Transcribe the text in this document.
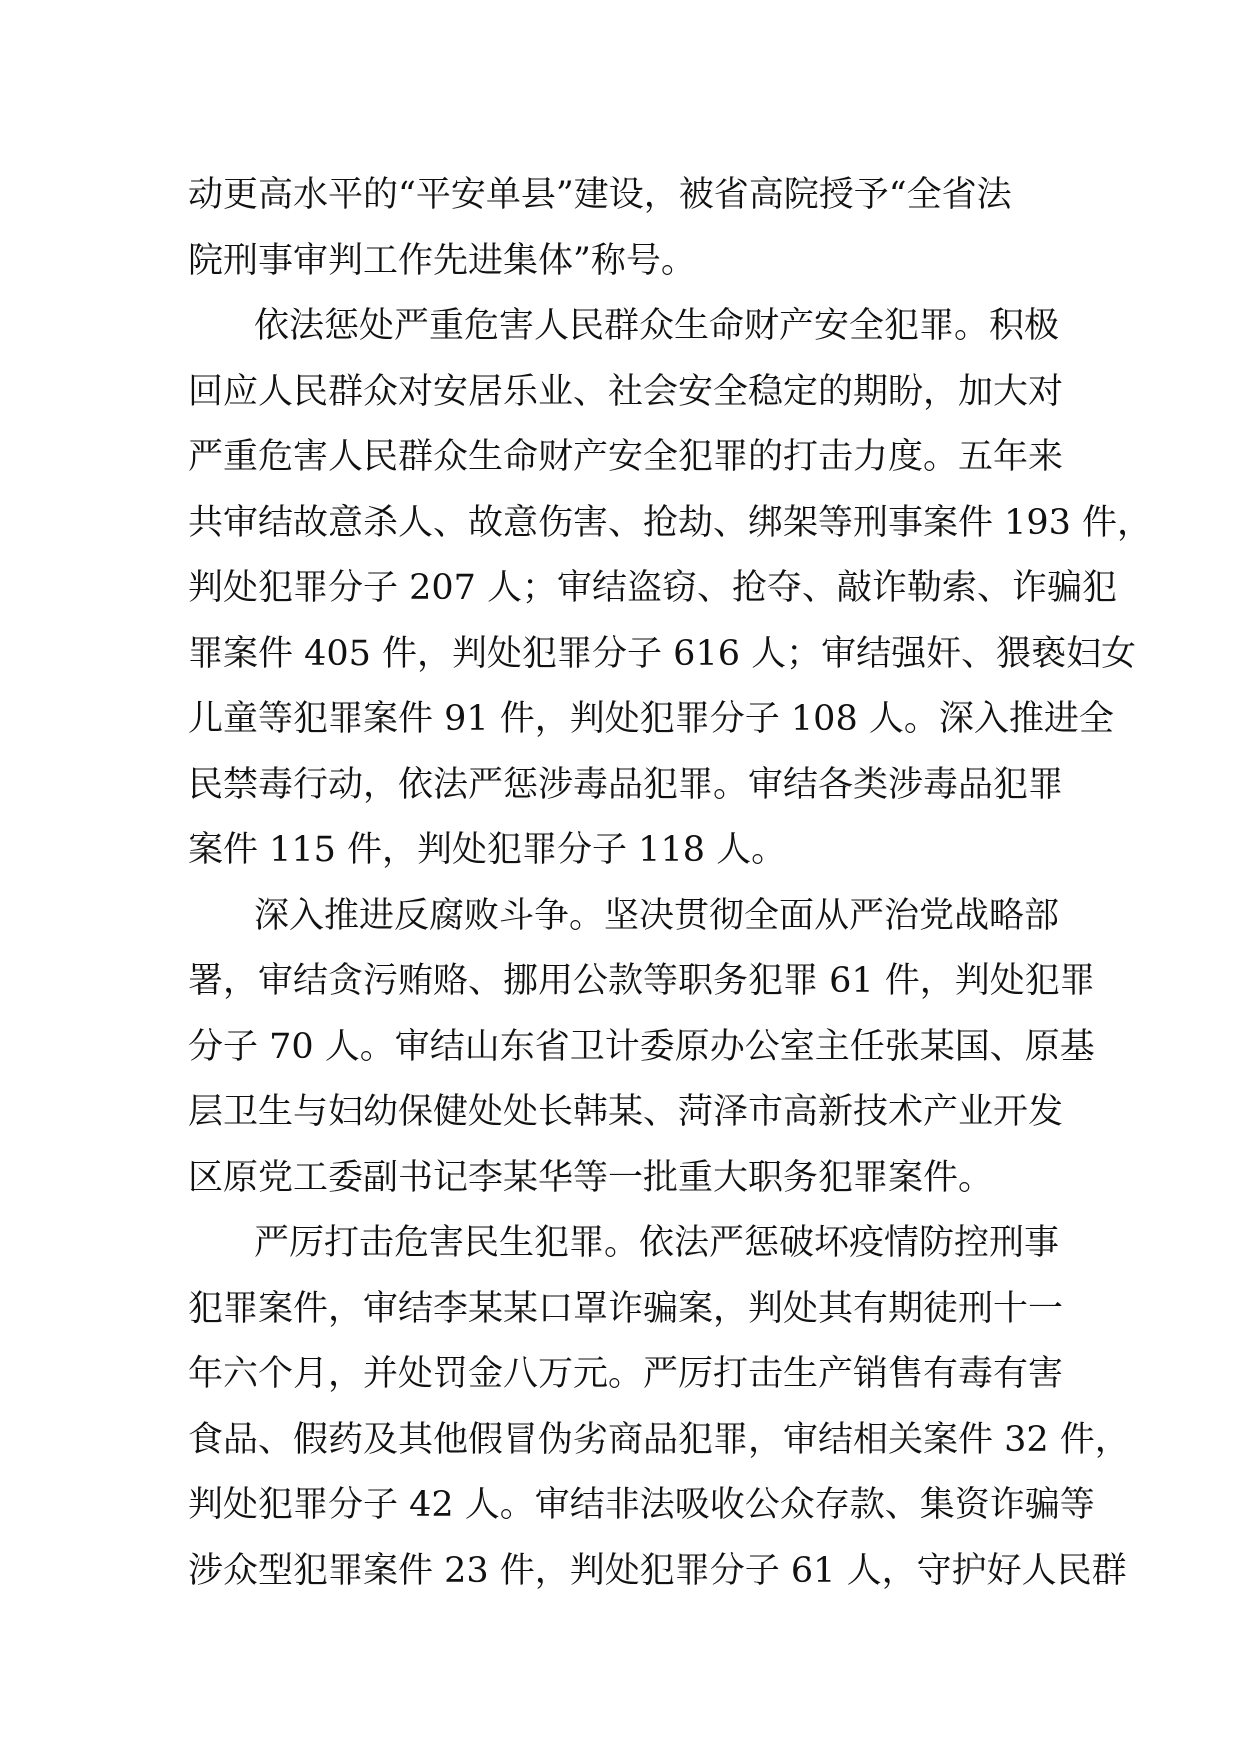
动更高水平的“平安单县”建设，被省高院授予“全省法
院刑事审判工作先进集体”称号。
依法惩处严重危害人民群众生命财产安全犯罪。积极
回应人民群众对安居乐业、社会安全稳定的期盼，加大对
严重危害人民群众生命财产安全犯罪的打击力度。五年来
共审结故意杀人、故意伤害、抢劫、绑架等刑事案件 193 件，
判处犯罪分子 207 人；审结盗窃、抢夺、敲诈勒索、诈骗犯
罪案件 405 件，判处犯罪分子 616 人；审结强奸、猥亵妇女
儿童等犯罪案件 91 件，判处犯罪分子 108 人。深入推进全
民禁毒行动，依法严惩涉毒品犯罪。审结各类涉毒品犯罪
案件 115 件，判处犯罪分子 118 人。
深入推进反腐败斗争。坚决贯彻全面从严治党战略部
署，审结贪污贿赂、挪用公款等职务犯罪 61 件，判处犯罪
分子 70 人。审结山东省卫计委原办公室主任张某国、原基
层卫生与妇幼保健处处长韩某、菏泽市高新技术产业开发
区原党工委副书记李某华等一批重大职务犯罪案件。
严厉打击危害民生犯罪。依法严惩破坏疫情防控刑事
犯罪案件，审结李某某口罩诈骗案，判处其有期徒刑十一
年六个月，并处罚金八万元。严厉打击生产销售有毒有害
食品、假药及其他假冒伪劣商品犯罪，审结相关案件 32 件，
判处犯罪分子 42 人。审结非法吸收公众存款、集资诈骗等
涉众型犯罪案件 23 件，判处犯罪分子 61 人，守护好人民群
